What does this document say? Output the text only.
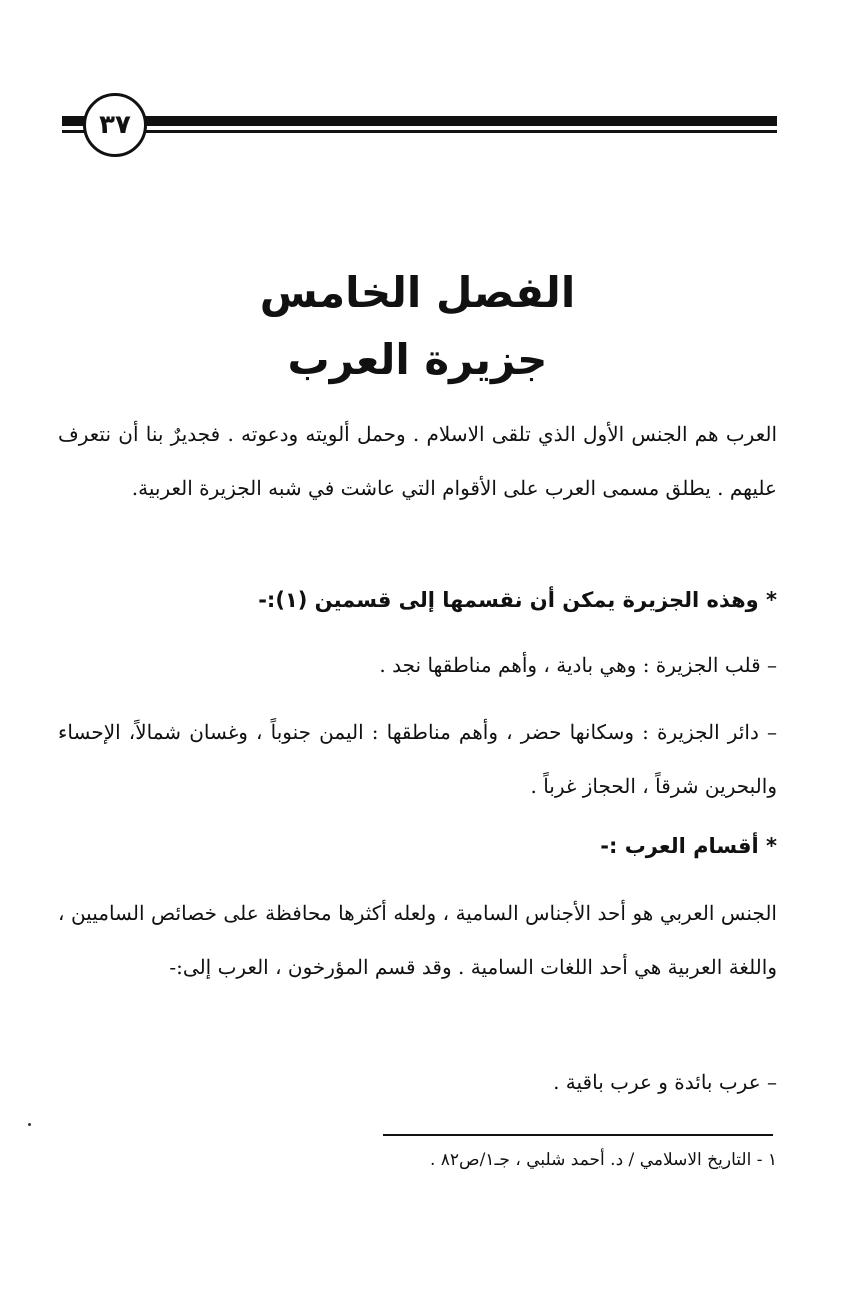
٣٧
الفصل الخامس
جزيرة العرب

العرب هم الجنس الأول الذي تلقى الاسلام . وحمل ألويته ودعوته . فجديرٌ بنا أن نتعرف عليهم . يطلق مسمى العرب على الأقوام التي عاشت في شبه الجزيرة العربية.

* وهذه الجزيرة يمكن أن نقسمها إلى قسمين (١):-

– قلب الجزيرة : وهي بادية ، وأهم مناطقها نجد .

– دائر الجزيرة : وسكانها حضر ، وأهم مناطقها : اليمن جنوباً ، وغسان شمالاً، الإحساء والبحرين شرقاً ، الحجاز غرباً .

* أقسام العرب :-

الجنس العربي هو أحد الأجناس السامية ، ولعله أكثرها محافظة على خصائص الساميين ، واللغة العربية هي أحد اللغات السامية . وقد قسم المؤرخون ، العرب إلى:-

– عرب بائدة و عرب باقية .

١ - التاريخ الاسلامي / د. أحمد شلبي ، جـ١/ص٨٢ .
